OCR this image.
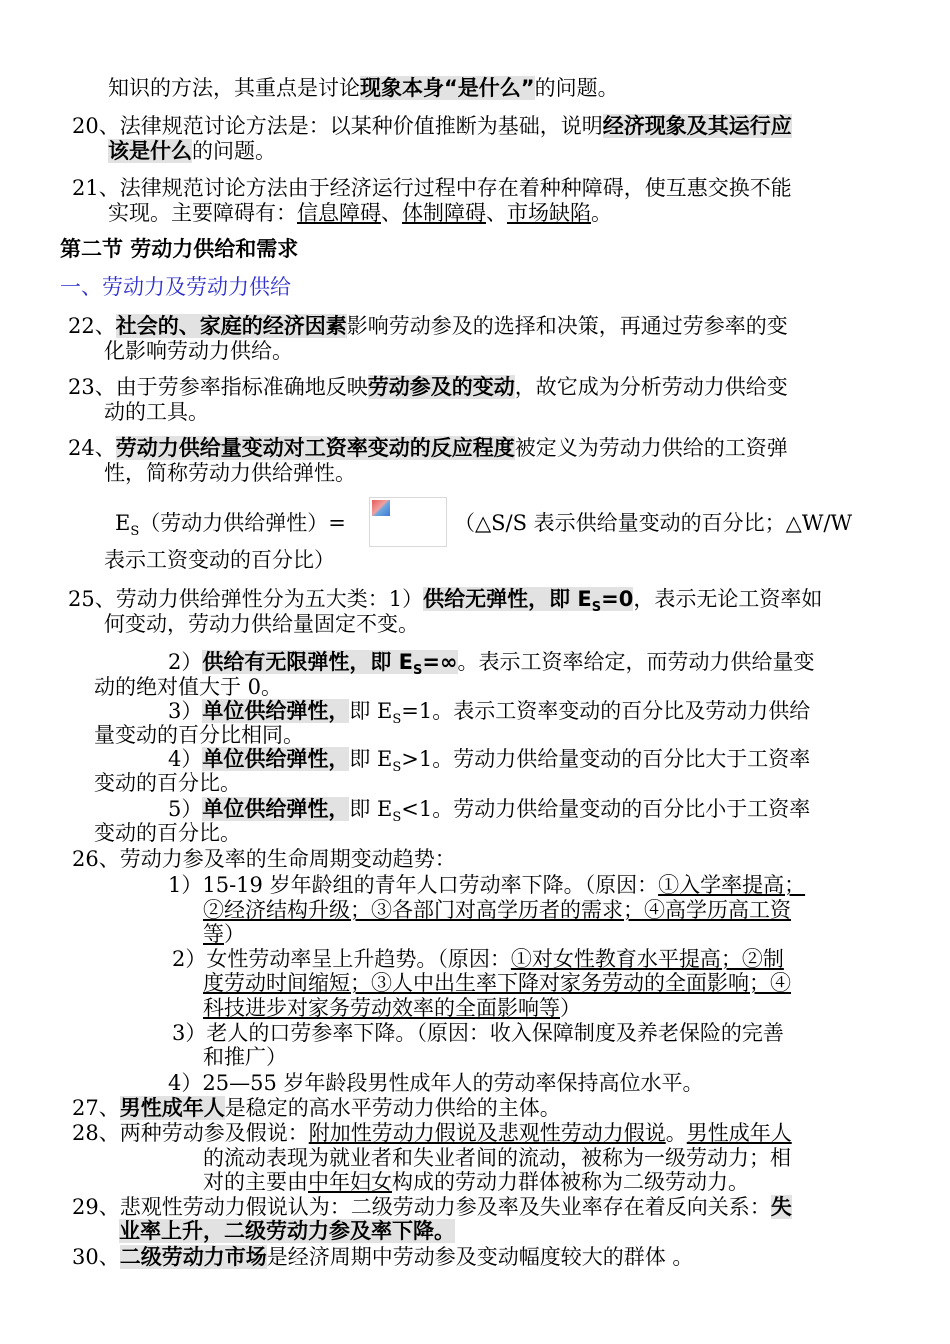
知识的方法，其重点是讨论现象本身“是什么”的问题。
20、法律规范讨论方法是：以某种价值推断为基础，说明经济现象及其运行应
该是什么的问题。
21、法律规范讨论方法由于经济运行过程中存在着种种障碍，使互惠交换不能
实现。主要障碍有：信息障碍、体制障碍、市场缺陷。
第二节 劳动力供给和需求
一、劳动力及劳动力供给
22、社会的、家庭的经济因素影响劳动参及的选择和决策，再通过劳参率的变
化影响劳动力供给。
23、由于劳参率指标准确地反映劳动参及的变动，故它成为分析劳动力供给变
动的工具。
24、劳动力供给量变动对工资率变动的反应程度被定义为劳动力供给的工资弹
性，简称劳动力供给弹性。
$E_S$（劳动力供给弹性）=	（△S/S 表示供给量变动的百分比；△W/W
表示工资变动的百分比）
25、劳动力供给弹性分为五大类：1）供给无弹性，即 $E_S=0$，表示无论工资率如
何变动，劳动力供给量固定不变。
2）供给有无限弹性，即 $E_S=\infty$。表示工资率给定，而劳动力供给量变
动的绝对值大于 0。
3）单位供给弹性，即 $E_S=1$。表示工资率变动的百分比及劳动力供给
量变动的百分比相同。
4）单位供给弹性，即 $E_S>1$。劳动力供给量变动的百分比大于工资率
变动的百分比。
5）单位供给弹性，即 $E_S<1$。劳动力供给量变动的百分比小于工资率
变动的百分比。
26、劳动力参及率的生命周期变动趋势：
1）15-19 岁年龄组的青年人口劳动率下降。（原因：①入学率提高；
②经济结构升级；③各部门对高学历者的需求；④高学历高工资
等）
2）女性劳动率呈上升趋势。（原因：①对女性教育水平提高；②制
度劳动时间缩短；③人中出生率下降对家务劳动的全面影响；④
科技进步对家务劳动效率的全面影响等）
3）老人的口劳参率下降。（原因：收入保障制度及养老保险的完善
和推广）
4）25—55 岁年龄段男性成年人的劳动率保持高位水平。
27、男性成年人是稳定的高水平劳动力供给的主体。
28、两种劳动参及假说：附加性劳动力假说及悲观性劳动力假说。男性成年人
的流动表现为就业者和失业者间的流动，被称为一级劳动力；相
对的主要由中年妇女构成的劳动力群体被称为二级劳动力。
29、悲观性劳动力假说认为：二级劳动力参及率及失业率存在着反向关系：失
业率上升，二级劳动力参及率下降。
30、二级劳动力市场是经济周期中劳动参及变动幅度较大的群体 。
